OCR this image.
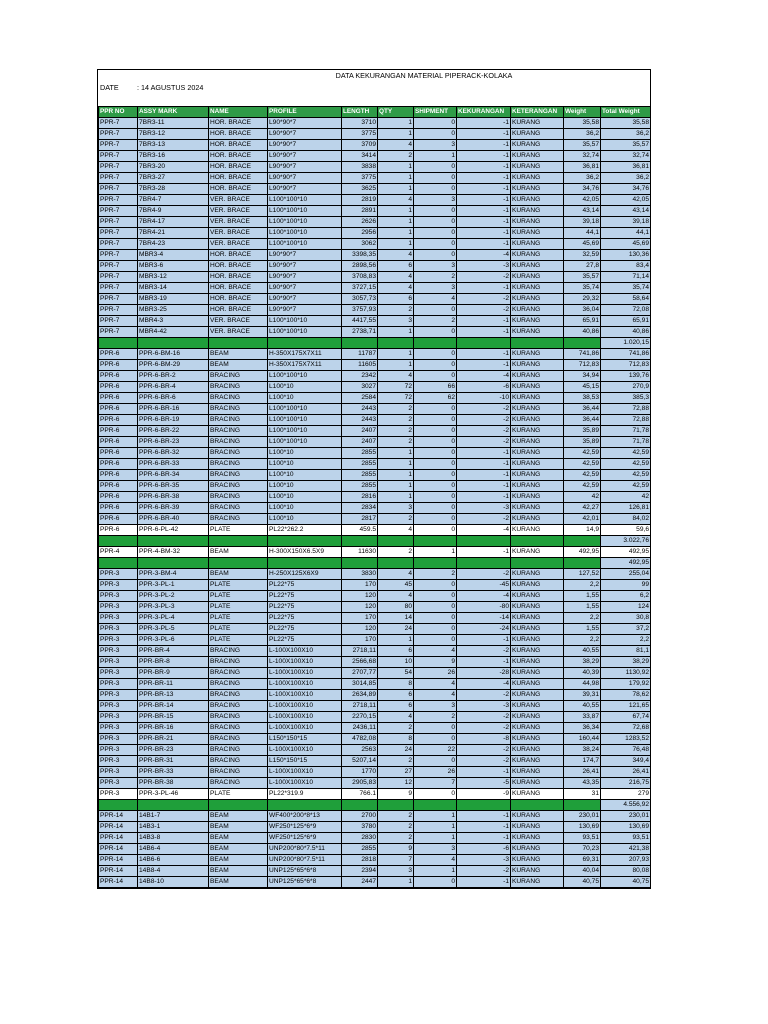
DATA KEKURANGAN MATERIAL PIPERACK-KOLAKA
DATE	: 14 AGUSTUS 2024
PPR NO	ASSY MARK	NAME	PROFILE	LENGTH	QTY	SHIPMENT	KEKURANGAN	KETERANGAN	Weight	Total Weight
PPR-7	7BR3-11	HOR. BRACE	L90*90*7	3710	1	0	-1	KURANG	35,58	35,58
PPR-7	7BR3-12	HOR. BRACE	L90*90*7	3775	1	0	-1	KURANG	36,2	36,2
PPR-7	7BR3-13	HOR. BRACE	L90*90*7	3709	4	3	-1	KURANG	35,57	35,57
PPR-7	7BR3-16	HOR. BRACE	L90*90*7	3414	2	1	-1	KURANG	32,74	32,74
PPR-7	7BR3-20	HOR. BRACE	L90*90*7	3838	1	0	-1	KURANG	36,81	36,81
PPR-7	7BR3-27	HOR. BRACE	L90*90*7	3775	1	0	-1	KURANG	36,2	36,2
PPR-7	7BR3-28	HOR. BRACE	L90*90*7	3625	1	0	-1	KURANG	34,76	34,76
PPR-7	7BR4-7	VER. BRACE	L100*100*10	2819	4	3	-1	KURANG	42,05	42,05
PPR-7	7BR4-9	VER. BRACE	L100*100*10	2891	1	0	-1	KURANG	43,14	43,14
PPR-7	7BR4-17	VER. BRACE	L100*100*10	2626	1	0	-1	KURANG	39,18	39,18
PPR-7	7BR4-21	VER. BRACE	L100*100*10	2956	1	0	-1	KURANG	44,1	44,1
PPR-7	7BR4-23	VER. BRACE	L100*100*10	3062	1	0	-1	KURANG	45,69	45,69
PPR-7	MBR3-4	HOR. BRACE	L90*90*7	3398,35	4	0	-4	KURANG	32,59	130,36
PPR-7	MBR3-6	HOR. BRACE	L90*90*7	2898,56	6	3	-3	KURANG	27,8	83,4
PPR-7	MBR3-12	HOR. BRACE	L90*90*7	3708,83	4	2	-2	KURANG	35,57	71,14
PPR-7	MBR3-14	HOR. BRACE	L90*90*7	3727,15	4	3	-1	KURANG	35,74	35,74
PPR-7	MBR3-19	HOR. BRACE	L90*90*7	3057,73	6	4	-2	KURANG	29,32	58,64
PPR-7	MBR3-25	HOR. BRACE	L90*90*7	3757,93	2	0	-2	KURANG	36,04	72,08
PPR-7	MBR4-3	VER. BRACE	L100*100*10	4417,55	3	2	-1	KURANG	65,91	65,91
PPR-7	MBR4-42	VER. BRACE	L100*100*10	2738,71	1	0	-1	KURANG	40,86	40,86
										1.020,15
PPR-6	PPR-6-BM-16	BEAM	H-350X175X7X11	11787	1	0	-1	KURANG	741,86	741,86
PPR-6	PPR-6-BM-29	BEAM	H-350X175X7X11	11605	1	0	-1	KURANG	712,83	712,83
PPR-6	PPR-6-BR-2	BRACING	L100*100*10	2342	4	0	-4	KURANG	34,94	139,76
PPR-6	PPR-6-BR-4	BRACING	L100*10	3027	72	66	-6	KURANG	45,15	270,9
PPR-6	PPR-6-BR-6	BRACING	L100*10	2584	72	62	-10	KURANG	38,53	385,3
PPR-6	PPR-6-BR-16	BRACING	L100*100*10	2443	2	0	-2	KURANG	36,44	72,88
PPR-6	PPR-6-BR-19	BRACING	L100*100*10	2443	2	0	-2	KURANG	36,44	72,88
PPR-6	PPR-6-BR-22	BRACING	L100*100*10	2407	2	0	-2	KURANG	35,89	71,78
PPR-6	PPR-6-BR-23	BRACING	L100*100*10	2407	2	0	-2	KURANG	35,89	71,78
PPR-6	PPR-6-BR-32	BRACING	L100*10	2855	1	0	-1	KURANG	42,59	42,59
PPR-6	PPR-6-BR-33	BRACING	L100*10	2855	1	0	-1	KURANG	42,59	42,59
PPR-6	PPR-6-BR-34	BRACING	L100*10	2855	1	0	-1	KURANG	42,59	42,59
PPR-6	PPR-6-BR-35	BRACING	L100*10	2855	1	0	-1	KURANG	42,59	42,59
PPR-6	PPR-6-BR-38	BRACING	L100*10	2816	1	0	-1	KURANG	42	42
PPR-6	PPR-6-BR-39	BRACING	L100*10	2834	3	0	-3	KURANG	42,27	126,81
PPR-6	PPR-6-BR-40	BRACING	L100*10	2817	2	0	-2	KURANG	42,01	84,02
PPR-6	PPR-6-PL-42	PLATE	PL22*262.2	459.5	4	0	-4	KURANG	14,9	59,6
										3.022,76
PPR-4	PPR-4-BM-32	BEAM	H-300X150X6.5X9	11630	2	1	-1	KURANG	492,95	492,95
										492,95
PPR-3	PPR-3-BM-4	BEAM	H-250X125X6X9	3830	4	2	-2	KURANG	127,52	255,04
PPR-3	PPR-3-PL-1	PLATE	PL22*75	170	45	0	-45	KURANG	2,2	99
PPR-3	PPR-3-PL-2	PLATE	PL22*75	120	4	0	-4	KURANG	1,55	6,2
PPR-3	PPR-3-PL-3	PLATE	PL22*75	120	80	0	-80	KURANG	1,55	124
PPR-3	PPR-3-PL-4	PLATE	PL22*75	170	14	0	-14	KURANG	2,2	30,8
PPR-3	PPR-3-PL-5	PLATE	PL22*75	120	24	0	-24	KURANG	1,55	37,2
PPR-3	PPR-3-PL-6	PLATE	PL22*75	170	1	0	-1	KURANG	2,2	2,2
PPR-3	PPR-BR-4	BRACING	L-100X100X10	2718,11	6	4	-2	KURANG	40,55	81,1
PPR-3	PPR-BR-8	BRACING	L-100X100X10	2566,68	10	9	-1	KURANG	38,29	38,29
PPR-3	PPR-BR-9	BRACING	L-100X100X10	2707,77	54	26	-28	KURANG	40,39	1130,92
PPR-3	PPR-BR-11	BRACING	L-100X100X10	3014,85	8	4	-4	KURANG	44,98	179,92
PPR-3	PPR-BR-13	BRACING	L-100X100X10	2634,89	6	4	-2	KURANG	39,31	78,62
PPR-3	PPR-BR-14	BRACING	L-100X100X10	2718,11	6	3	-3	KURANG	40,55	121,65
PPR-3	PPR-BR-15	BRACING	L-100X100X10	2270,15	4	2	-2	KURANG	33,87	67,74
PPR-3	PPR-BR-16	BRACING	L-100X100X10	2436,11	2	0	-2	KURANG	36,34	72,68
PPR-3	PPR-BR-21	BRACING	L150*150*15	4782,08	8	0	-8	KURANG	160,44	1283,52
PPR-3	PPR-BR-23	BRACING	L-100X100X10	2563	24	22	-2	KURANG	38,24	76,48
PPR-3	PPR-BR-31	BRACING	L150*150*15	5207,14	2	0	-2	KURANG	174,7	349,4
PPR-3	PPR-BR-33	BRACING	L-100X100X10	1770	27	26	-1	KURANG	26,41	26,41
PPR-3	PPR-BR-38	BRACING	L-100X100X10	2905,83	12	7	-5	KURANG	43,35	216,75
PPR-3	PPR-3-PL-46	PLATE	PL22*319.9	766.1	9	0	-9	KURANG	31	279
										4.556,92
PPR-14	14B1-7	BEAM	WF400*200*8*13	2700	2	1	-1	KURANG	230,01	230,01
PPR-14	14B3-1	BEAM	WF250*125*6*9	3780	2	1	-1	KURANG	130,69	130,69
PPR-14	14B3-8	BEAM	WF250*125*6*9	2830	2	1	-1	KURANG	93,51	93,51
PPR-14	14B6-4	BEAM	UNP200*80*7.5*11	2855	9	3	-6	KURANG	70,23	421,38
PPR-14	14B6-6	BEAM	UNP200*80*7.5*11	2818	7	4	-3	KURANG	69,31	207,93
PPR-14	14B8-4	BEAM	UNP125*65*6*8	2394	3	1	-2	KURANG	40,04	80,08
PPR-14	14B8-10	BEAM	UNP125*65*6*8	2447	1	0	-1	KURANG	40,75	40,75
